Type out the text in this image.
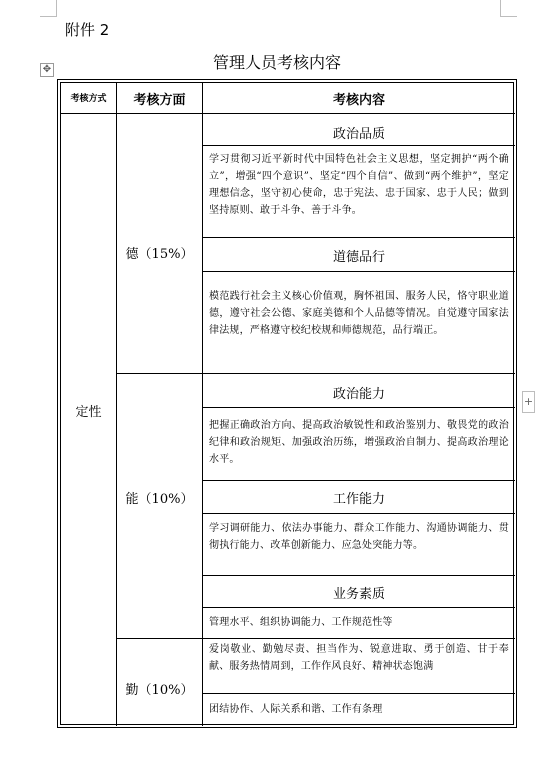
附件 2
管理人员考核内容
✥
+
考核方式	考核方面	考核内容
定性
德（15%）
能（10%）
勤（10%）
政治品质
学习贯彻习近平新时代中国特色社会主义思想，坚定拥护“两个确立”，增强“四个意识”、坚定“四个自信”、做到“两个维护”，坚定理想信念，坚守初心使命，忠于宪法、忠于国家、忠于人民；做到坚持原则、敢于斗争、善于斗争。
道德品行
模范践行社会主义核心价值观，胸怀祖国、服务人民，恪守职业道德，遵守社会公德、家庭美德和个人品德等情况。自觉遵守国家法律法规，严格遵守校纪校规和师德规范，品行端正。
政治能力
把握正确政治方向、提高政治敏锐性和政治鉴别力、敬畏党的政治纪律和政治规矩、加强政治历练，增强政治自制力、提高政治理论水平。
工作能力
学习调研能力、依法办事能力、群众工作能力、沟通协调能力、贯彻执行能力、改革创新能力、应急处突能力等。
业务素质
管理水平、组织协调能力、工作规范性等
爱岗敬业、勤勉尽责、担当作为、锐意进取、勇于创造、甘于奉献、服务热情周到，工作作风良好、精神状态饱满
团结协作、人际关系和谐、工作有条理
